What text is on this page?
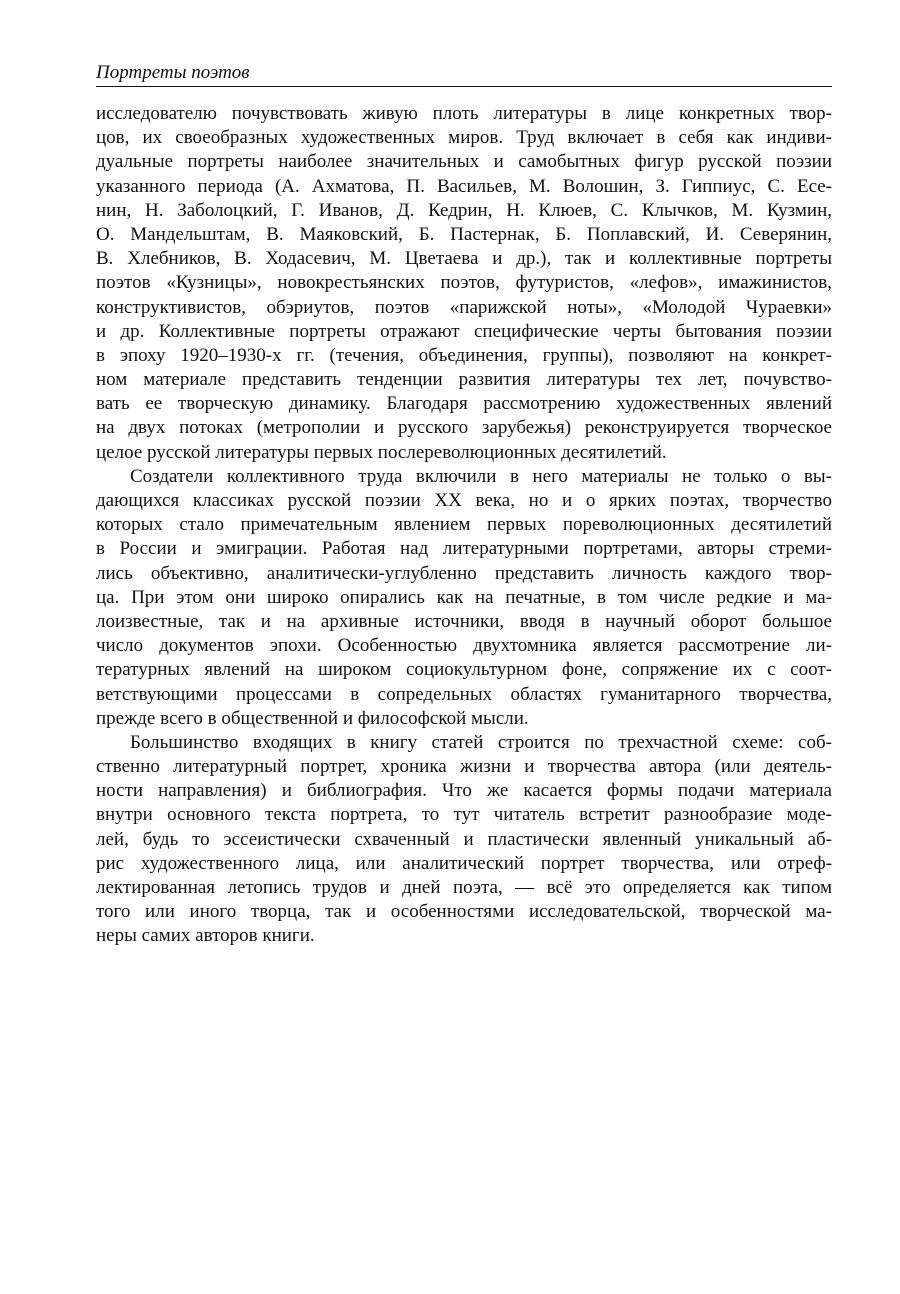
Портреты поэтов
исследователю почувствовать живую плоть литературы в лице конкретных твор-
цов, их своеобразных художественных миров. Труд включает в себя как индиви-
дуальные портреты наиболее значительных и самобытных фигур русской поэзии
указанного периода (А. Ахматова, П. Васильев, М. Волошин, З. Гиппиус, С. Есе-
нин, Н. Заболоцкий, Г. Иванов, Д. Кедрин, Н. Клюев, С. Клычков, М. Кузмин,
О. Мандельштам, В. Маяковский, Б. Пастернак, Б. Поплавский, И. Северянин,
В. Хлебников, В. Ходасевич, М. Цветаева и др.), так и коллективные портреты
поэтов «Кузницы», новокрестьянских поэтов, футуристов, «лефов», имажинистов,
конструктивистов, обэриутов, поэтов «парижской ноты», «Молодой Чураевки»
и др. Коллективные портреты отражают специфические черты бытования поэзии
в эпоху 1920–1930-х гг. (течения, объединения, группы), позволяют на конкрет-
ном материале представить тенденции развития литературы тех лет, почувство-
вать ее творческую динамику. Благодаря рассмотрению художественных явлений
на двух потоках (метрополии и русского зарубежья) реконструируется творческое
целое русской литературы первых послереволюционных десятилетий.
Создатели коллективного труда включили в него материалы не только о вы-
дающихся классиках русской поэзии XX века, но и о ярких поэтах, творчество
которых стало примечательным явлением первых пореволюционных десятилетий
в России и эмиграции. Работая над литературными портретами, авторы стреми-
лись объективно, аналитически-углубленно представить личность каждого твор-
ца. При этом они широко опирались как на печатные, в том числе редкие и ма-
лоизвестные, так и на архивные источники, вводя в научный оборот большое
число документов эпохи. Особенностью двухтомника является рассмотрение ли-
тературных явлений на широком социокультурном фоне, сопряжение их с соот-
ветствующими процессами в сопредельных областях гуманитарного творчества,
прежде всего в общественной и философской мысли.
Большинство входящих в книгу статей строится по трехчастной схеме: соб-
ственно литературный портрет, хроника жизни и творчества автора (или деятель-
ности направления) и библиография. Что же касается формы подачи материала
внутри основного текста портрета, то тут читатель встретит разнообразие моде-
лей, будь то эссеистически схваченный и пластически явленный уникальный аб-
рис художественного лица, или аналитический портрет творчества, или отреф-
лектированная летопись трудов и дней поэта, — всё это определяется как типом
того или иного творца, так и особенностями исследовательской, творческой ма-
неры самих авторов книги.
